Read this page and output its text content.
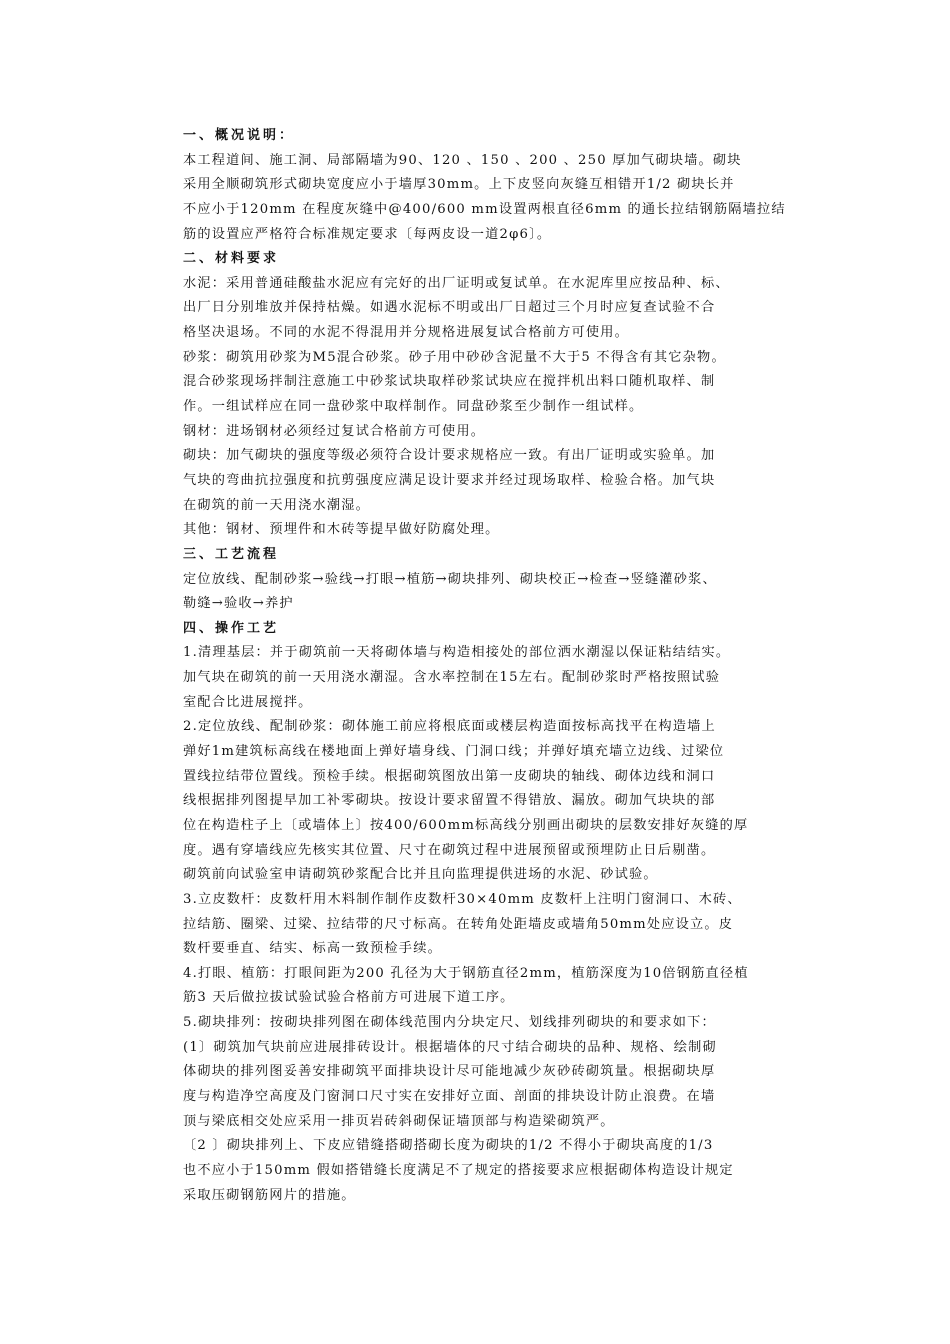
一、概况说明：
本工程道间、施工洞、局部隔墙为90、120 、150 、200 、250 厚加气砌块墙。砌块
采用全顺砌筑形式砌块宽度应小于墙厚30mm。上下皮竖向灰缝互相错开1/2 砌块长并
不应小于120mm 在程度灰缝中@400/600 mm设置两根直径6mm 的通长拉结钢筋隔墙拉结
筋的设置应严格符合标准规定要求〔每两皮设一道2φ6〕。
二、材料要求
水泥：采用普通硅酸盐水泥应有完好的出厂证明或复试单。在水泥库里应按品种、标、
出厂日分别堆放并保持枯燥。如遇水泥标不明或出厂日超过三个月时应复查试验不合
格坚决退场。不同的水泥不得混用并分规格进展复试合格前方可使用。
砂浆：砌筑用砂浆为M5混合砂浆。砂子用中砂砂含泥量不大于5 不得含有其它杂物。
混合砂浆现场拌制注意施工中砂浆试块取样砂浆试块应在搅拌机出料口随机取样、制
作。一组试样应在同一盘砂浆中取样制作。同盘砂浆至少制作一组试样。
钢材：进场钢材必须经过复试合格前方可使用。
砌块：加气砌块的强度等级必须符合设计要求规格应一致。有出厂证明或实验单。加
气块的弯曲抗拉强度和抗剪强度应满足设计要求并经过现场取样、检验合格。加气块
在砌筑的前一天用浇水潮湿。
其他：钢材、预埋件和木砖等提早做好防腐处理。
三、工艺流程
定位放线、配制砂浆→验线→打眼→植筋→砌块排列、砌块校正→检查→竖缝灌砂浆、
勒缝→验收→养护
四、操作工艺
1.清理基层：并于砌筑前一天将砌体墙与构造相接处的部位洒水潮湿以保证粘结结实。
加气块在砌筑的前一天用浇水潮湿。含水率控制在15左右。配制砂浆时严格按照试验
室配合比进展搅拌。
2.定位放线、配制砂浆：砌体施工前应将根底面或楼层构造面按标高找平在构造墙上
弹好1m建筑标高线在楼地面上弹好墙身线、门洞口线；并弹好填充墙立边线、过梁位
置线拉结带位置线。预检手续。根据砌筑图放出第一皮砌块的轴线、砌体边线和洞口
线根据排列图提早加工补零砌块。按设计要求留置不得错放、漏放。砌加气块块的部
位在构造柱子上〔或墙体上〕按400/600mm标高线分别画出砌块的层数安排好灰缝的厚
度。遇有穿墙线应先核实其位置、尺寸在砌筑过程中进展预留或预埋防止日后剔凿。
砌筑前向试验室申请砌筑砂浆配合比并且向监理提供进场的水泥、砂试验。
3.立皮数杆：皮数杆用木料制作制作皮数杆30×40mm 皮数杆上注明门窗洞口、木砖、
拉结筋、圈梁、过梁、拉结带的尺寸标高。在转角处距墙皮或墙角50mm处应设立。皮
数杆要垂直、结实、标高一致预检手续。
4.打眼、植筋：打眼间距为200 孔径为大于钢筋直径2mm，植筋深度为10倍钢筋直径植
筋3 天后做拉拔试验试验合格前方可进展下道工序。
5.砌块排列：按砌块排列图在砌体线范围内分块定尺、划线排列砌块的和要求如下：
(1〕砌筑加气块前应进展排砖设计。根据墙体的尺寸结合砌块的品种、规格、绘制砌
体砌块的排列图妥善安排砌筑平面排块设计尽可能地减少灰砂砖砌筑量。根据砌块厚
度与构造净空高度及门窗洞口尺寸实在安排好立面、剖面的排块设计防止浪费。在墙
顶与梁底相交处应采用一排页岩砖斜砌保证墙顶部与构造梁砌筑严。
〔2 〕砌块排列上、下皮应错缝搭砌搭砌长度为砌块的1/2 不得小于砌块高度的1/3
也不应小于150mm 假如搭错缝长度满足不了规定的搭接要求应根据砌体构造设计规定
采取压砌钢筋网片的措施。
